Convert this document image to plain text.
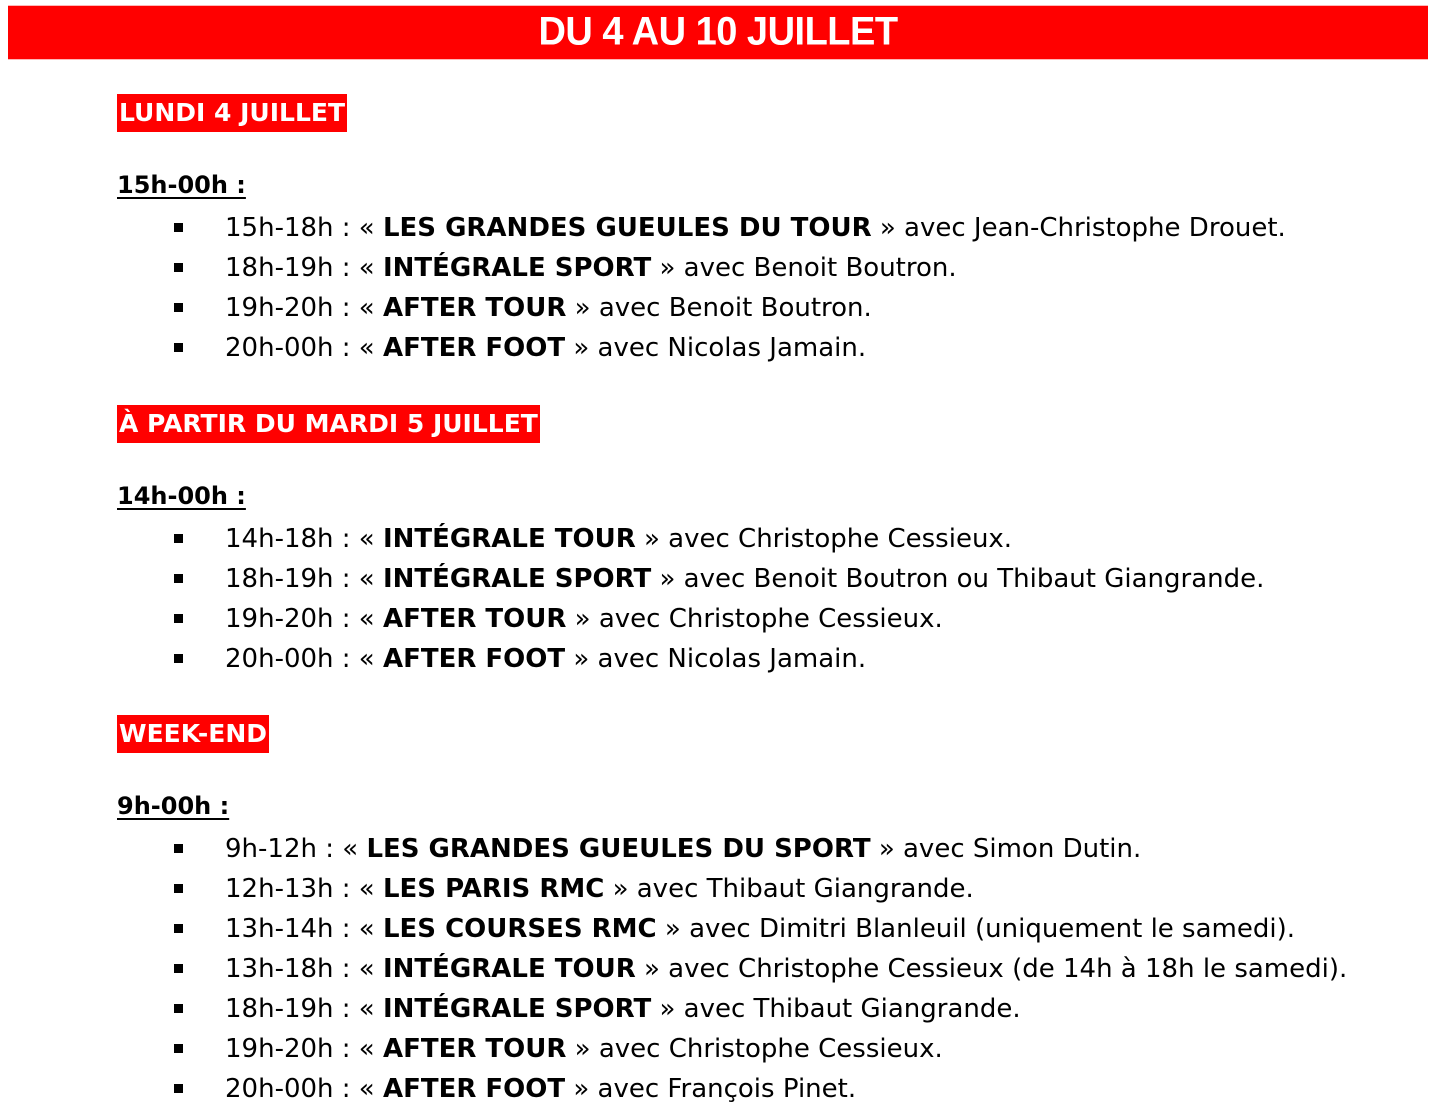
DU 4 AU 10 JUILLET
LUNDI 4 JUILLET
15h-00h :
15h-18h : « LES GRANDES GUEULES DU TOUR » avec Jean-Christophe Drouet.
18h-19h : « INTÉGRALE SPORT » avec Benoit Boutron.
19h-20h : « AFTER TOUR » avec Benoit Boutron.
20h-00h : « AFTER FOOT » avec Nicolas Jamain.
À PARTIR DU MARDI 5 JUILLET
14h-00h :
14h-18h : « INTÉGRALE TOUR » avec Christophe Cessieux.
18h-19h : « INTÉGRALE SPORT » avec Benoit Boutron ou Thibaut Giangrande.
19h-20h : « AFTER TOUR » avec Christophe Cessieux.
20h-00h : « AFTER FOOT » avec Nicolas Jamain.
WEEK-END
9h-00h :
9h-12h : « LES GRANDES GUEULES DU SPORT » avec Simon Dutin.
12h-13h : « LES PARIS RMC » avec Thibaut Giangrande.
13h-14h : « LES COURSES RMC » avec Dimitri Blanleuil (uniquement le samedi).
13h-18h : « INTÉGRALE TOUR » avec Christophe Cessieux (de 14h à 18h le samedi).
18h-19h : « INTÉGRALE SPORT » avec Thibaut Giangrande.
19h-20h : « AFTER TOUR » avec Christophe Cessieux.
20h-00h : « AFTER FOOT » avec François Pinet.
